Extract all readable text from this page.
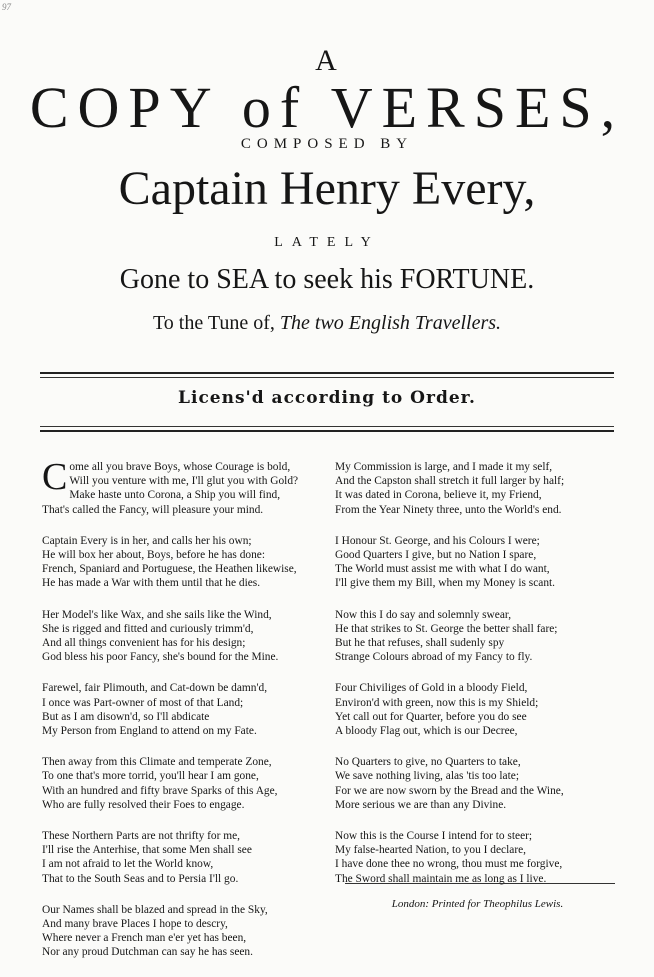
97
A
COPY of VERSES,
COMPOSED BY
Captain Henry Every,
LATELY
Gone to SEA to seek his FORTUNE.
To the Tune of, The two English Travellers.
Licens'd according to Order.
C ome all you brave Boys, whose Courage is bold,
Will you venture with me, I'll glut you with Gold?
Make haste unto Corona, a Ship you will find,
That's called the Fancy, will pleasure your mind.
Captain Every is in her, and calls her his own;
He will box her about, Boys, before he has done:
French, Spaniard and Portuguese, the Heathen likewise,
He has made a War with them until that he dies.
Her Model's like Wax, and she sails like the Wind,
She is rigged and fitted and curiously trimm'd,
And all things convenient has for his design;
God bless his poor Fancy, she's bound for the Mine.
Farewel, fair Plimouth, and Cat-down be damn'd,
I once was Part-owner of most of that Land;
But as I am disown'd, so I'll abdicate
My Person from England to attend on my Fate.
Then away from this Climate and temperate Zone,
To one that's more torrid, you'll hear I am gone,
With an hundred and fifty brave Sparks of this Age,
Who are fully resolved their Foes to engage.
These Northern Parts are not thrifty for me,
I'll rise the Anterhise, that some Men shall see
I am not afraid to let the World know,
That to the South Seas and to Persia I'll go.
Our Names shall be blazed and spread in the Sky,
And many brave Places I hope to descry,
Where never a French man e'er yet has been,
Nor any proud Dutchman can say he has seen.
My Commission is large, and I made it my self,
And the Capston shall stretch it full larger by half;
It was dated in Corona, believe it, my Friend,
From the Year Ninety three, unto the World's end.
I Honour St. George, and his Colours I were;
Good Quarters I give, but no Nation I spare,
The World must assist me with what I do want,
I'll give them my Bill, when my Money is scant.
Now this I do say and solemnly swear,
He that strikes to St. George the better shall fare;
But he that refuses, shall sudenly spy
Strange Colours abroad of my Fancy to fly.
Four Chiviliges of Gold in a bloody Field,
Environ'd with green, now this is my Shield;
Yet call out for Quarter, before you do see
A bloody Flag out, which is our Decree,
No Quarters to give, no Quarters to take,
We save nothing living, alas 'tis too late;
For we are now sworn by the Bread and the Wine,
More serious we are than any Divine.
Now this is the Course I intend for to steer;
My false-hearted Nation, to you I declare,
I have done thee no wrong, thou must me forgive,
The Sword shall maintain me as long as I live.
London: Printed for Theophilus Lewis.
